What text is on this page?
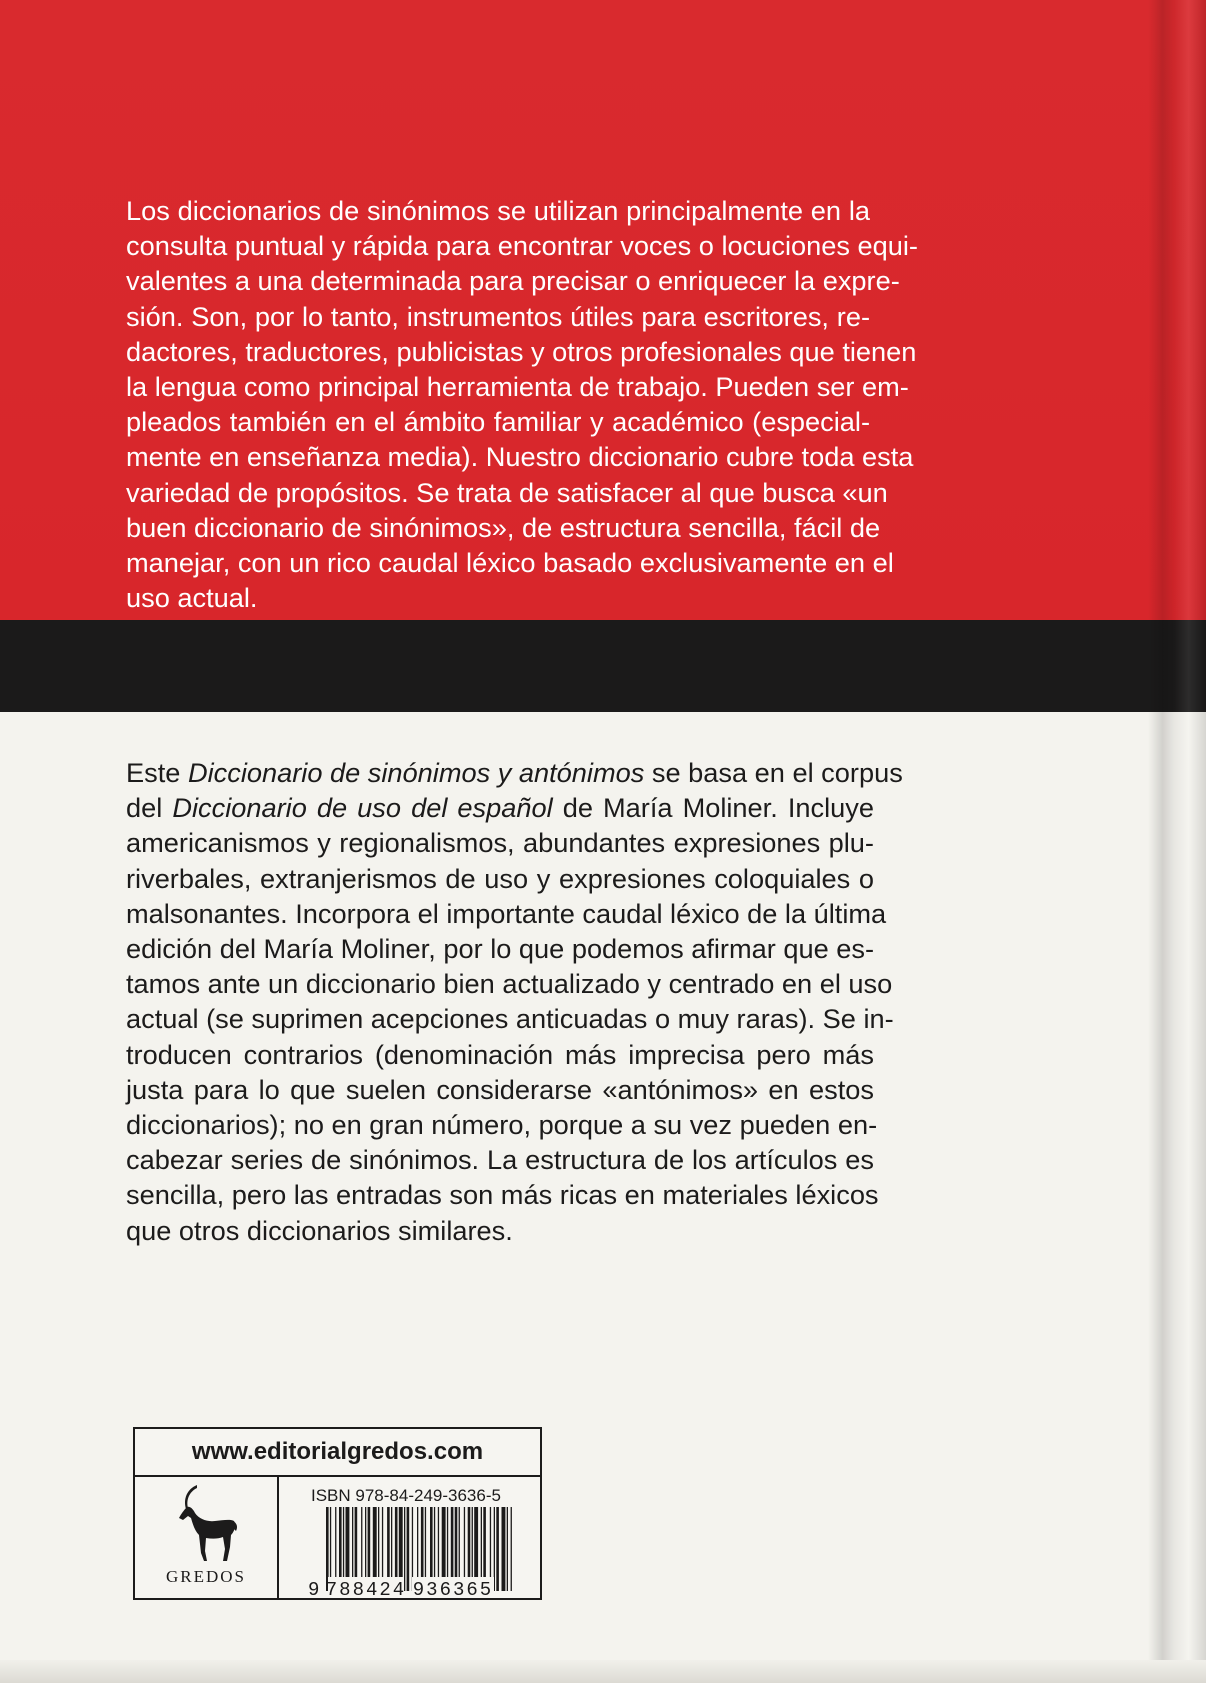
Los diccionarios de sinónimos se utilizan principalmente en la
consulta puntual y rápida para encontrar voces o locuciones equi-
valentes a una determinada para precisar o enriquecer la expre-
sión. Son, por lo tanto, instrumentos útiles para escritores, re-
dactores, traductores, publicistas y otros profesionales que tienen
la lengua como principal herramienta de trabajo. Pueden ser em-
pleados también en el ámbito familiar y académico (especial-
mente en enseñanza media). Nuestro diccionario cubre toda esta
variedad de propósitos. Se trata de satisfacer al que busca «un
buen diccionario de sinónimos», de estructura sencilla, fácil de
manejar, con un rico caudal léxico basado exclusivamente en el
uso actual.
Este Diccionario de sinónimos y antónimos se basa en el corpus
del Diccionario de uso del español de María Moliner. Incluye
americanismos y regionalismos, abundantes expresiones plu-
riverbales, extranjerismos de uso y expresiones coloquiales o
malsonantes. Incorpora el importante caudal léxico de la última
edición del María Moliner, por lo que podemos afirmar que es-
tamos ante un diccionario bien actualizado y centrado en el uso
actual (se suprimen acepciones anticuadas o muy raras). Se in-
troducen contrarios (denominación más imprecisa pero más
justa para lo que suelen considerarse «antónimos» en estos
diccionarios); no en gran número, porque a su vez pueden en-
cabezar series de sinónimos. La estructura de los artículos es
sencilla, pero las entradas son más ricas en materiales léxicos
que otros diccionarios similares.
www.editorialgredos.com
GREDOS
ISBN 978-84-249-3636-5
9 788424 936365
